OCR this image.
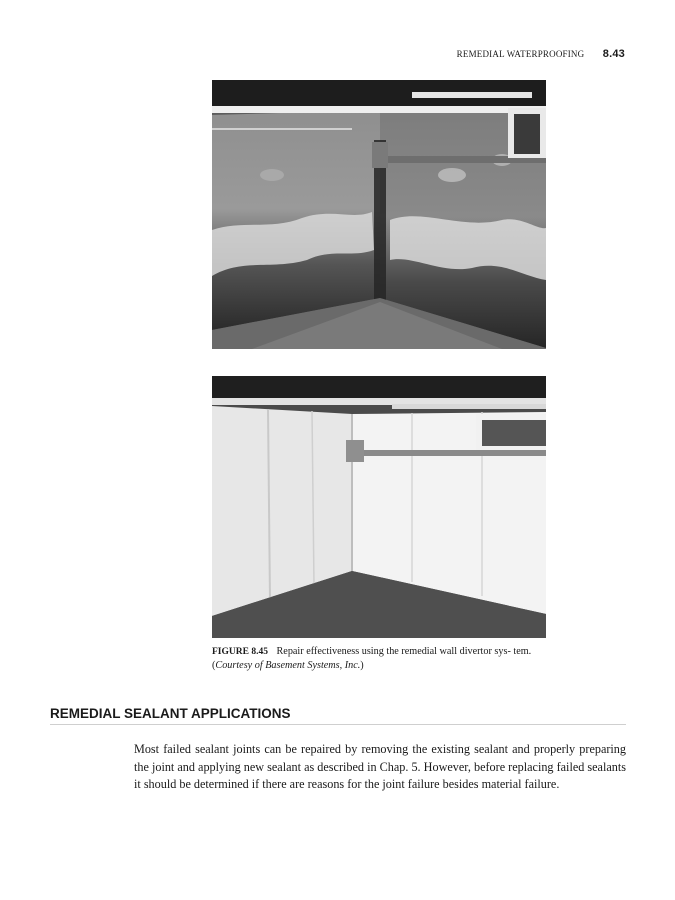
REMEDIAL WATERPROOFING 8.43
FIGURE 8.45 Repair effectiveness using the remedial wall divertor sys- tem. (Courtesy of Basement Systems, Inc.)
REMEDIAL SEALANT APPLICATIONS

Most failed sealant joints can be repaired by removing the existing sealant and properly preparing the joint and applying new sealant as described in Chap. 5. However, before replacing failed sealants it should be determined if there are reasons for the joint failure besides material failure.
